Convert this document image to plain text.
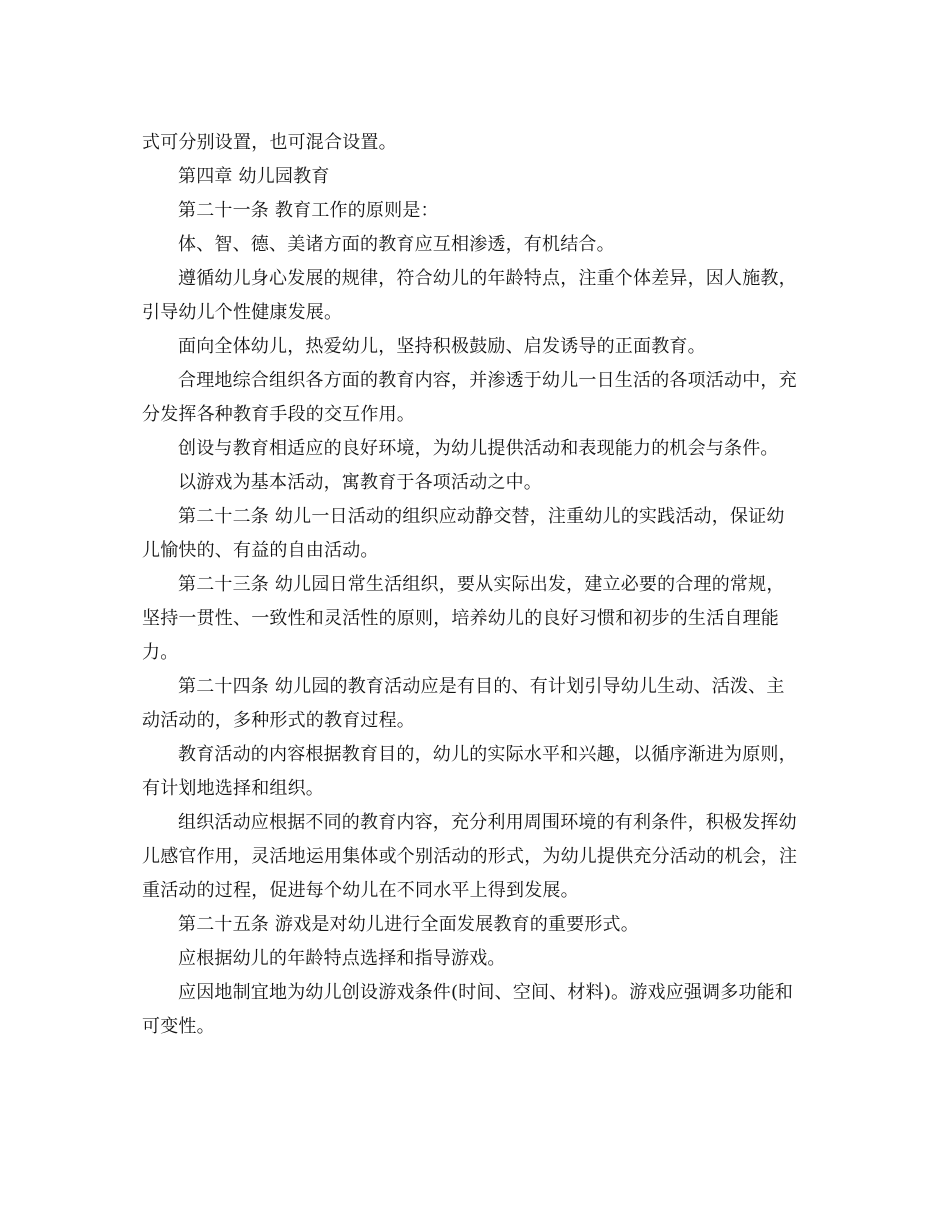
式可分别设置，也可混合设置。

第四章 幼儿园教育

第二十一条 教育工作的原则是：

体、智、德、美诸方面的教育应互相渗透，有机结合。

遵循幼儿身心发展的规律，符合幼儿的年龄特点，注重个体差异，因人施教，引导幼儿个性健康发展。

面向全体幼儿，热爱幼儿，坚持积极鼓励、启发诱导的正面教育。

合理地综合组织各方面的教育内容，并渗透于幼儿一日生活的各项活动中，充分发挥各种教育手段的交互作用。

创设与教育相适应的良好环境，为幼儿提供活动和表现能力的机会与条件。

以游戏为基本活动，寓教育于各项活动之中。

第二十二条 幼儿一日活动的组织应动静交替，注重幼儿的实践活动，保证幼儿愉快的、有益的自由活动。

第二十三条 幼儿园日常生活组织，要从实际出发，建立必要的合理的常规，坚持一贯性、一致性和灵活性的原则，培养幼儿的良好习惯和初步的生活自理能力。

第二十四条 幼儿园的教育活动应是有目的、有计划引导幼儿生动、活泼、主动活动的，多种形式的教育过程。

教育活动的内容根据教育目的，幼儿的实际水平和兴趣，以循序渐进为原则，有计划地选择和组织。

组织活动应根据不同的教育内容，充分利用周围环境的有利条件，积极发挥幼儿感官作用，灵活地运用集体或个别活动的形式，为幼儿提供充分活动的机会，注重活动的过程，促进每个幼儿在不同水平上得到发展。

第二十五条 游戏是对幼儿进行全面发展教育的重要形式。

应根据幼儿的年龄特点选择和指导游戏。

应因地制宜地为幼儿创设游戏条件(时间、空间、材料)。游戏应强调多功能和可变性。
